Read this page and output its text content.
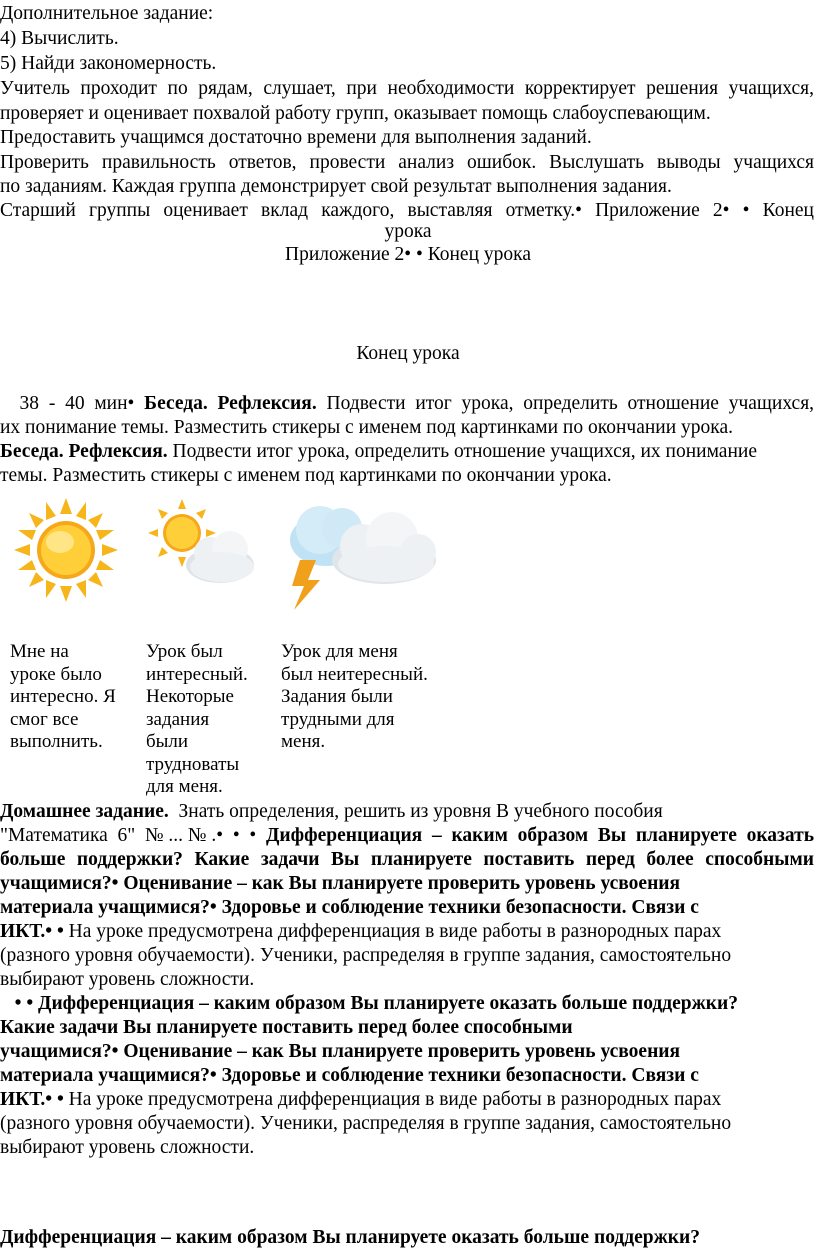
Дополнительное задание:
4) Вычислить.
5) Найди закономерность.
Учитель проходит по рядам, слушает, при необходимости корректирует решения учащихся,
проверяет и оценивает похвалой работу групп, оказывает помощь слабоуспевающим.
Предоставить учащимся достаточно времени для выполнения заданий.
Проверить правильность ответов, провести анализ ошибок. Выслушать выводы учащихся
по заданиям. Каждая группа демонстрирует свой результат выполнения задания.
Старший группы оценивает вклад каждого, выставляя отметку.• Приложение 2• • Конец
урока
Приложение 2• • Конец урока
Конец урока
38 - 40 мин• Беседа. Рефлексия. Подвести итог урока, определить отношение учащихся,
их понимание темы. Разместить стикеры с именем под картинками по окончании урока.
Беседа. Рефлексия. Подвести итог урока, определить отношение учащихся, их понимание
темы. Разместить стикеры с именем под картинками по окончании урока.
Мне на
уроке было
интересно. Я
смог все
выполнить.
Урок был
интересный.
Некоторые
задания
были
трудноваты
для меня.
Урок для меня
был неитересный.
Задания были
трудными для
меня.
Домашнее задание. Знать определения, решить из уровня В учебного пособия
"Математика 6" №...№.• • • Дифференциация – каким образом Вы планируете оказать
больше поддержки? Какие задачи Вы планируете поставить перед более способными
учащимися?• Оценивание – как Вы планируете проверить уровень усвоения
материала учащимися?• Здоровье и соблюдение техники безопасности. Связи с
ИКТ.• • На уроке предусмотрена дифференциация в виде работы в разнородных парах
(разного уровня обучаемости). Ученики, распределяя в группе задания, самостоятельно
выбирают уровень сложности.
• • Дифференциация – каким образом Вы планируете оказать больше поддержки?
Какие задачи Вы планируете поставить перед более способными
учащимися?• Оценивание – как Вы планируете проверить уровень усвоения
материала учащимися?• Здоровье и соблюдение техники безопасности. Связи с
ИКТ.• • На уроке предусмотрена дифференциация в виде работы в разнородных парах
(разного уровня обучаемости). Ученики, распределяя в группе задания, самостоятельно
выбирают уровень сложности.
Дифференциация – каким образом Вы планируете оказать больше поддержки?
